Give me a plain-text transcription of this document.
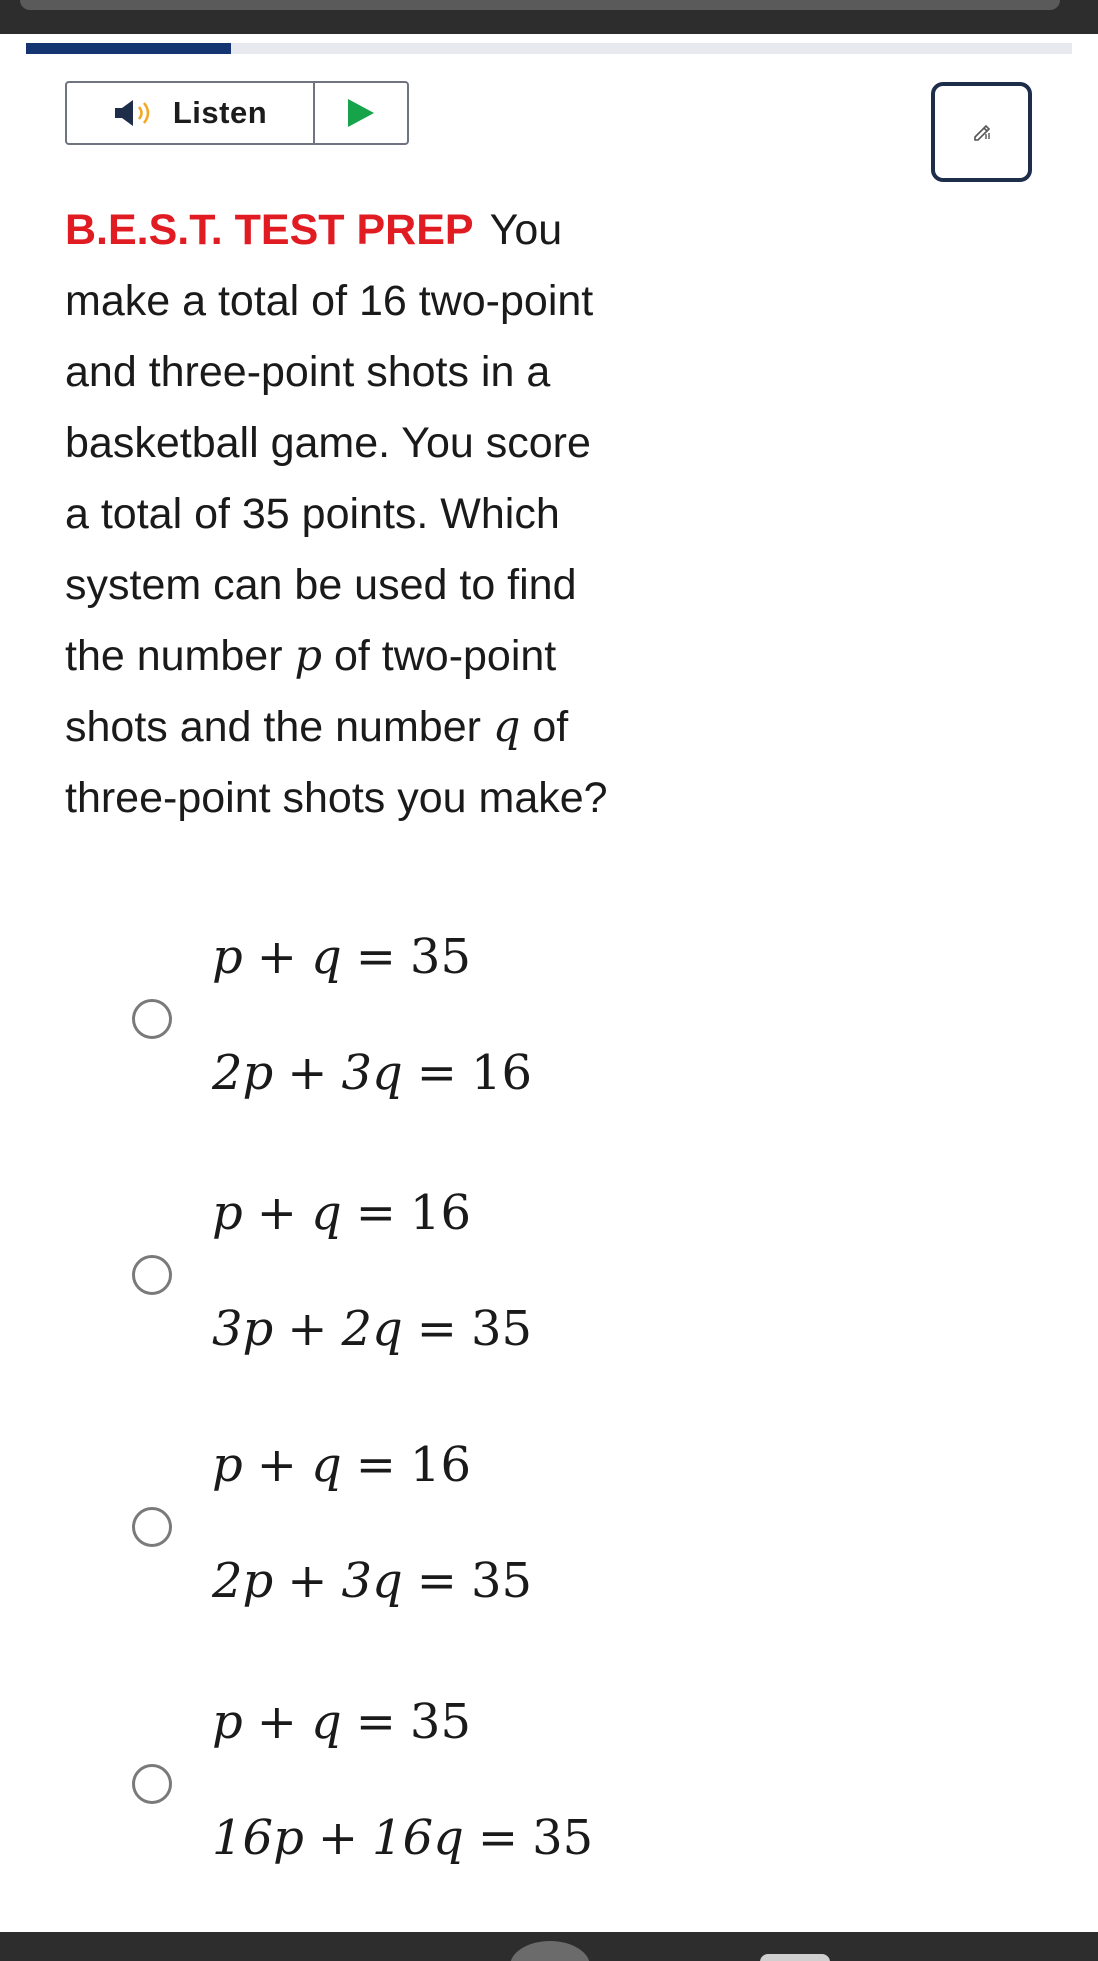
Listen
B.E.S.T. TEST PREP You
make a total of 16 two-point
and three-point shots in a
basketball game. You score
a total of 35 points. Which
system can be used to find
the number p of two-point
shots and the number q of
three-point shots you make?
p + q = 35
2p + 3q = 16
p + q = 16
3p + 2q = 35
p + q = 16
2p + 3q = 35
p + q = 35
16p + 16q = 35
